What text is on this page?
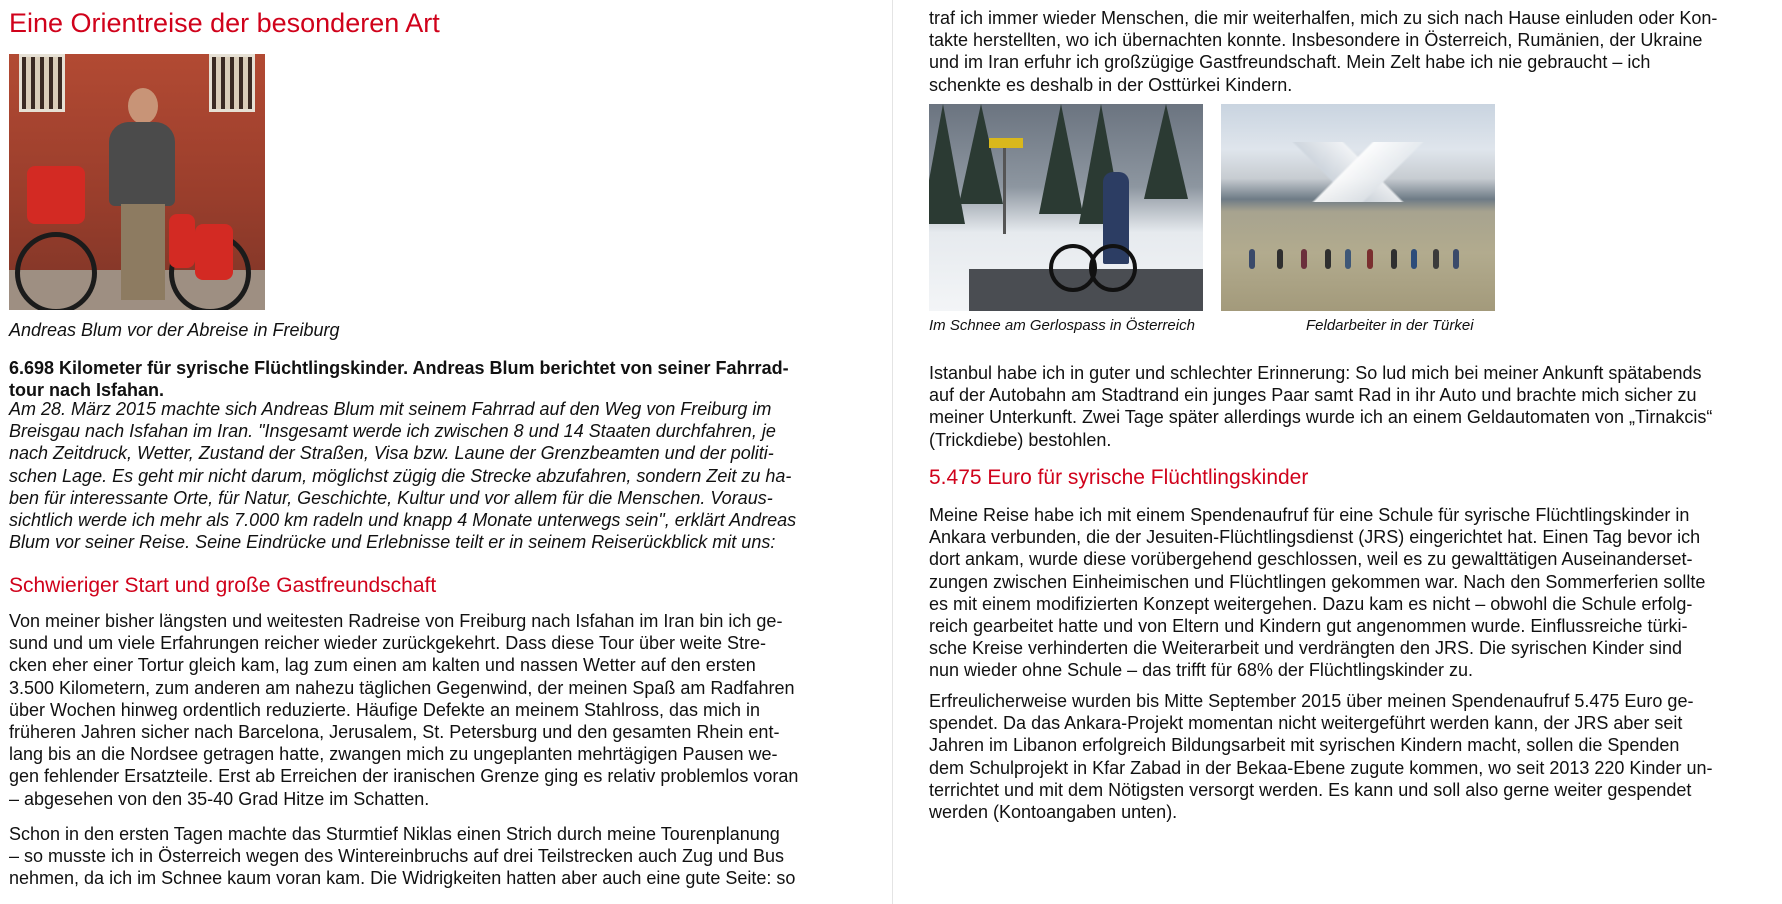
Eine Orientreise der besonderen Art
Andreas Blum vor der Abreise in Freiburg

6.698 Kilometer für syrische Flüchtlingskinder. Andreas Blum berichtet von seiner Fahrrad-
tour nach Isfahan.

Am 28. März 2015 machte sich Andreas Blum mit seinem Fahrrad auf den Weg von Freiburg im
Breisgau nach Isfahan im Iran. "Insgesamt werde ich zwischen 8 und 14 Staaten durchfahren, je
nach Zeitdruck, Wetter, Zustand der Straßen, Visa bzw. Laune der Grenzbeamten und der politi-
schen Lage. Es geht mir nicht darum, möglichst zügig die Strecke abzufahren, sondern Zeit zu ha-
ben für interessante Orte, für Natur, Geschichte, Kultur und vor allem für die Menschen. Voraus-
sichtlich werde ich mehr als 7.000 km radeln und knapp 4 Monate unterwegs sein", erklärt Andreas
Blum vor seiner Reise. Seine Eindrücke und Erlebnisse teilt er in seinem Reiserückblick mit uns:

Schwieriger Start und große Gastfreundschaft

Von meiner bisher längsten und weitesten Radreise von Freiburg nach Isfahan im Iran bin ich ge-
sund und um viele Erfahrungen reicher wieder zurückgekehrt. Dass diese Tour über weite Stre-
cken eher einer Tortur gleich kam, lag zum einen am kalten und nassen Wetter auf den ersten
3.500 Kilometern, zum anderen am nahezu täglichen Gegenwind, der meinen Spaß am Radfahren
über Wochen hinweg ordentlich reduzierte. Häufige Defekte an meinem Stahlross, das mich in
früheren Jahren sicher nach Barcelona, Jerusalem, St. Petersburg und den gesamten Rhein ent-
lang bis an die Nordsee getragen hatte, zwangen mich zu ungeplanten mehrtägigen Pausen we-
gen fehlender Ersatzteile. Erst ab Erreichen der iranischen Grenze ging es relativ problemlos voran
– abgesehen von den 35-40 Grad Hitze im Schatten.

Schon in den ersten Tagen machte das Sturmtief Niklas einen Strich durch meine Tourenplanung
– so musste ich in Österreich wegen des Wintereinbruchs auf drei Teilstrecken auch Zug und Bus
nehmen, da ich im Schnee kaum voran kam. Die Widrigkeiten hatten aber auch eine gute Seite: so

traf ich immer wieder Menschen, die mir weiterhalfen, mich zu sich nach Hause einluden oder Kon-
takte herstellten, wo ich übernachten konnte. Insbesondere in Österreich, Rumänien, der Ukraine
und im Iran erfuhr ich großzügige Gastfreundschaft. Mein Zelt habe ich nie gebraucht – ich
schenkte es deshalb in der Osttürkei Kindern.

Im Schnee am Gerlospass in Österreich	Feldarbeiter in der Türkei

Istanbul habe ich in guter und schlechter Erinnerung: So lud mich bei meiner Ankunft spätabends
auf der Autobahn am Stadtrand ein junges Paar samt Rad in ihr Auto und brachte mich sicher zu
meiner Unterkunft. Zwei Tage später allerdings wurde ich an einem Geldautomaten von „Tirnakcis“
(Trickdiebe) bestohlen.

5.475 Euro für syrische Flüchtlingskinder

Meine Reise habe ich mit einem Spendenaufruf für eine Schule für syrische Flüchtlingskinder in
Ankara verbunden, die der Jesuiten-Flüchtlingsdienst (JRS) eingerichtet hat. Einen Tag bevor ich
dort ankam, wurde diese vorübergehend geschlossen, weil es zu gewalttätigen Auseinanderset-
zungen zwischen Einheimischen und Flüchtlingen gekommen war. Nach den Sommerferien sollte
es mit einem modifizierten Konzept weitergehen. Dazu kam es nicht – obwohl die Schule erfolg-
reich gearbeitet hatte und von Eltern und Kindern gut angenommen wurde. Einflussreiche türki-
sche Kreise verhinderten die Weiterarbeit und verdrängten den JRS. Die syrischen Kinder sind
nun wieder ohne Schule – das trifft für 68% der Flüchtlingskinder zu.

Erfreulicherweise wurden bis Mitte September 2015 über meinen Spendenaufruf 5.475 Euro ge-
spendet. Da das Ankara-Projekt momentan nicht weitergeführt werden kann, der JRS aber seit
Jahren im Libanon erfolgreich Bildungsarbeit mit syrischen Kindern macht, sollen die Spenden
dem Schulprojekt in Kfar Zabad in der Bekaa-Ebene zugute kommen, wo seit 2013 220 Kinder un-
terrichtet und mit dem Nötigsten versorgt werden. Es kann und soll also gerne weiter gespendet
werden (Kontoangaben unten).
